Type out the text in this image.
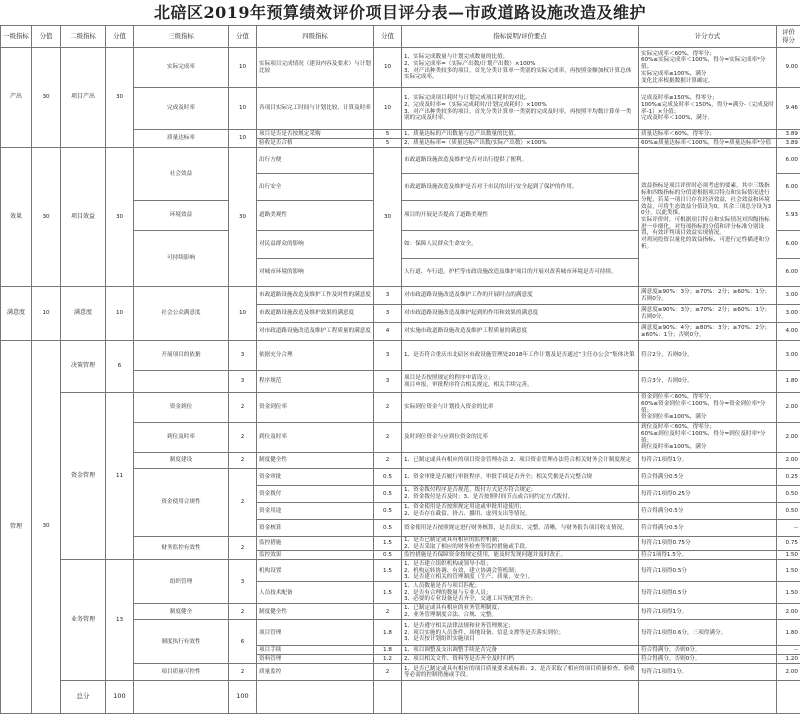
北碚区2019年预算绩效评价项目评分表—市政道路设施改造及维护
一级指标	分值	二级指标	分值	三级指标	分值	四级指标	分值	指标说明/评价要点	计分方式	评价得分	
产出	30	项目产出	30	实际完成率	10	实际项目完成情况（建设内容及要求）与计划比较	10	1、实际完成数量与计划完成数量的比值；
2、实际完成率=（实际产出数/计划产出数）×100%
3、对产出种类较多的项目，首先分类计算单一类别的实际完成率，再按照金额加权计算总体实际完成率。	实际完成率＜60%，得零分；
60%≤实际完成率＜100%，得分=实际完成率*分值；
实际完成率≥100%，满分
变化比率根据数据计算确定。	9.00	
				完成及时率	10	各项目实际完工时间与计划比较，计算及时率	10	1、实际完成项目耗时与计划完成项目耗时的对比。
2、完成及时率=（实际完成耗时/计划完成耗时）×100%
3、对产出种类较多的项目，首先分类计算单一类别的完成及时率，再按照平均数计算单一类别的完成及时率。	完成及时率≥150%，得零分；
100%≤完成及时率＜150%，得分=满分-（完成及时率-1）×分值；
完成及时率＜100%，满分。	9.46	
				质量达标率	10	项目是否是否按规定采购	5	1、质量达标的产出数量与总产出数量的比值。	质量达标率＜60%，得零分；	3.89	
						验收是否合格	5	2、质量达标率=（质量达标产出数/实际产出数）×100%	60%≤质量达标率＜100%，得分=质量达标率*分值	3.89	
效果	30	项目效益	30	社会效益	30	出行方便	30	市政道路设施改造及维护是否对出行提供了便利。	效益指标是项目评价时必须考虑的要素，其中三级指标和四级指标的分值需根据项目特点和实际情况进行分配，若某一项目只存在经济效益，社会效益和环境效益，可将生态效益分值设为0，其余三项总分设为30分，以此类推。
实际评价时，可根据项目特点和实际情况对四级指标进一步细化，对每项指标的分值和评分标准分别设置，有效评判项目效益实现情况。
对鸡同投资以量化的效益指标，可进行定性描述和分析。	6.00	
						出行安全		市政道路设施改造及维护是否对于市民的出行安全起到了保护的作用。		6.00	
				环境效益		道路美观性		项目的开展是否提高了道路美观性		5.93	
				可持续影响		对民益群众的影响		如：保障人民群众生命安全。		6.00	
						对城市环境的影响		人行道、车行道，护栏等市政设施改造及维护项目的开展对改善城市环境是否可持续。		6.00	
满意度	10	满意度	10	社会公众满意度	10	市政道路设施改造及维护工作及时性的满意度	3	对市政道路设施改造及维护工作的开展时点的满意度	满意度≥90%：3分；≥70%：2分；≥60%：1分；否则0分。	3.00	
						市政道路设施改造及维护效果的满意度	3	对市政道路设施改造及维护起到的作用和效果的满意度	满意度≥90%：3分；≥70%：2分；≥60%：1分；否则0分。	3.00	
						对市政道路设施改造及维护工程质量的满意度	4	对实施市政道路设施改造及维护工程质量的满意度	满意度≥90%：4分；≥80%：3分；≥70%：2分；≥60%：1分；否则0分。	4.00	
管理	30	决策管理	6	开展项目的依据	3	依据充分合理	3	1、是否符合重庆市北碚区市政设施管理处2018年工作计划及是否通过“主任办公会”集体决策	符合2分，否则0分。	3.00	
					3	程序规范	3	项目是否按照规定的程序申请设立；
项目申报，审批程序符合相关规定，相关手续完善。	符合3分，否则0分。	1.80	
		资金管理	11	资金到位	2	资金到位率	2	实际到位资金与计划投入资金的比率	资金到位率＜60%，得零分；
60%≤资金到位率＜100%，得分=资金到位率*分值；
资金到位率≥100%，满分	2.00	
				到位及时率	2	到位及时率	2	及时到位资金与应到位资金的比率	到位及时率＜60%，得零分；
60%≤到位及时率＜100%，得分=到位及时率*分值；
到位及时率≥100%，满分	2.00	
				制度建设	2	制度健全性	2	1、已制定或具有相应的项目资金管理办法 2、项目资金管理办法符合相关财务会计制度规定	每符合1项得1分。	2.00	
				资金使用合规性	2	资金审批	0.5	1、资金审批是否履行审批程序，审批手续是否齐全；相关凭据是否完整合规	符合得满分0.5分	0.25	
						资金拨付	0.5	1、资金拨付程序是否规范，拨付方式是否符合规定；
2、资金拨付是否及时；3、是否按照时间节点或合同约定方式拨付。	每符合1项得0.25分	0.50	
						资金用途	0.5	1、资金使用是否按照规定用途或审批用途使用；
2、是否存在截留、挤占、挪用、虚列支出等情况。	符合得满分0.5分	0.50	
						资金核算	0.5	资金使用是否按照规定进行财务核算，是否真实、完整、清晰，与财务报告项目收支情况。	符合得满分0.5分	--	
				财务监控有效性	2	监控措施	1.5	1、是否已制定或具有相应的监控机制；
2、是否采取了相应的财务检查等监控措施或手段。	每符合1项得0.75分	0.75	
						监控效果	0.5	监控措施是否保障资金按规定使用，能及时发现问题并及时改正。	符合1项得1.5分。	1.50	

		业务管理	13	组织管理	3	机构设置	1.5	1、是否建立组织机构或领导小组；
2、机构运转协调、有效，建立协调会签机制；
3、是否建立相关的管理制度（生产、质量、安全）。	每符合1项得0.5分	1.50	
						人员技术配备	1.5	1、人员数量是否与项目匹配；
2、是否有合理的数量与专业人员；
3、必要的专业设备是否齐全，交通工具等配置齐全；	每符合1项得0.5分	1.50	
				制度健全	2	制度健全性	2	1、已制定或具有相应的业务管理制度；
2、业务管理制度合法、合规、完整。	每符合1项得1分。	2.00	
				制度执行有效性	6	项目管理	1.8	1、是否遵守相关法律法规和业务管理规定；
2、项目实施的人员条件、场地设备、信息支撑等是否落实到位；
3、是否按计划组织实施项目	每符合1项得0.6分，三项得满分。	1.80	
						项目手续	1.8	1、项目调整及支出调整手续是否完备	符合得满分，否则0分。	--	
						资料管理	1.2	2、项目相关文件、资料等是否齐全及时归档	符合得满分，否则0分。	1.20	
				项目质量可控性	2	质量监控	2	1、是否已制定或具有相应的项目质量要求或标准；2、是否采取了相应的项目质量检查、验收等必需的控制措施或手段。	每符合1项得1分。	2.00	
		总分	100		100							
